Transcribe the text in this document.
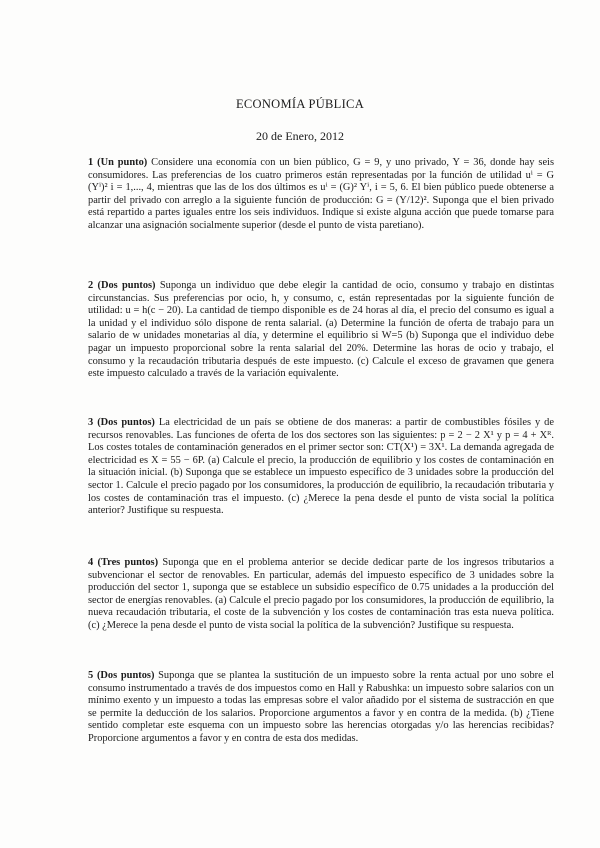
ECONOMÍA PÚBLICA
20 de Enero, 2012

1 (Un punto) Considere una economía con un bien público, G = 9, y uno privado, Y = 36, donde hay seis consumidores. Las preferencias de los cuatro primeros están representadas por la función de utilidad uⁱ = G (Yⁱ)² i = 1,..., 4, mientras que las de los dos últimos es uⁱ = (G)² Yⁱ, i = 5, 6. El bien público puede obtenerse a partir del privado con arreglo a la siguiente función de producción: G = (Y/12)². Suponga que el bien privado está repartido a partes iguales entre los seis individuos. Indique si existe alguna acción que puede tomarse para alcanzar una asignación socialmente superior (desde el punto de vista paretiano).

2 (Dos puntos) Suponga un individuo que debe elegir la cantidad de ocio, consumo y trabajo en distintas circunstancias. Sus preferencias por ocio, h, y consumo, c, están representadas por la siguiente función de utilidad: u = h(c − 20). La cantidad de tiempo disponible es de 24 horas al día, el precio del consumo es igual a la unidad y el individuo sólo dispone de renta salarial. (a) Determine la función de oferta de trabajo para un salario de w unidades monetarias al día, y determine el equilibrio si W=5 (b) Suponga que el individuo debe pagar un impuesto proporcional sobre la renta salarial del 20%. Determine las horas de ocio y trabajo, el consumo y la recaudación tributaria después de este impuesto. (c) Calcule el exceso de gravamen que genera este impuesto calculado a través de la variación equivalente.

3 (Dos puntos) La electricidad de un país se obtiene de dos maneras: a partir de combustibles fósiles y de recursos renovables. Las funciones de oferta de los dos sectores son las siguientes: p = 2 − 2 X¹ y p = 4 + Xᴿ. Los costes totales de contaminación generados en el primer sector son: CT(X¹) = 3X¹. La demanda agregada de electricidad es X = 55 − 6P. (a) Calcule el precio, la producción de equilibrio y los costes de contaminación en la situación inicial. (b) Suponga que se establece un impuesto específico de 3 unidades sobre la producción del sector 1. Calcule el precio pagado por los consumidores, la producción de equilibrio, la recaudación tributaria y los costes de contaminación tras el impuesto. (c) ¿Merece la pena desde el punto de vista social la política anterior? Justifique su respuesta.

4 (Tres puntos) Suponga que en el problema anterior se decide dedicar parte de los ingresos tributarios a subvencionar el sector de renovables. En particular, además del impuesto específico de 3 unidades sobre la producción del sector 1, suponga que se establece un subsidio específico de 0.75 unidades a la producción del sector de energías renovables. (a) Calcule el precio pagado por los consumidores, la producción de equilibrio, la nueva recaudación tributaria, el coste de la subvención y los costes de contaminación tras esta nueva política. (c) ¿Merece la pena desde el punto de vista social la política de la subvención? Justifique su respuesta.

5 (Dos puntos) Suponga que se plantea la sustitución de un impuesto sobre la renta actual por uno sobre el consumo instrumentado a través de dos impuestos como en Hall y Rabushka: un impuesto sobre salarios con un mínimo exento y un impuesto a todas las empresas sobre el valor añadido por el sistema de sustracción en que se permite la deducción de los salarios. Proporcione argumentos a favor y en contra de la medida. (b) ¿Tiene sentido completar este esquema con un impuesto sobre las herencias otorgadas y/o las herencias recibidas? Proporcione argumentos a favor y en contra de esta dos medidas.
